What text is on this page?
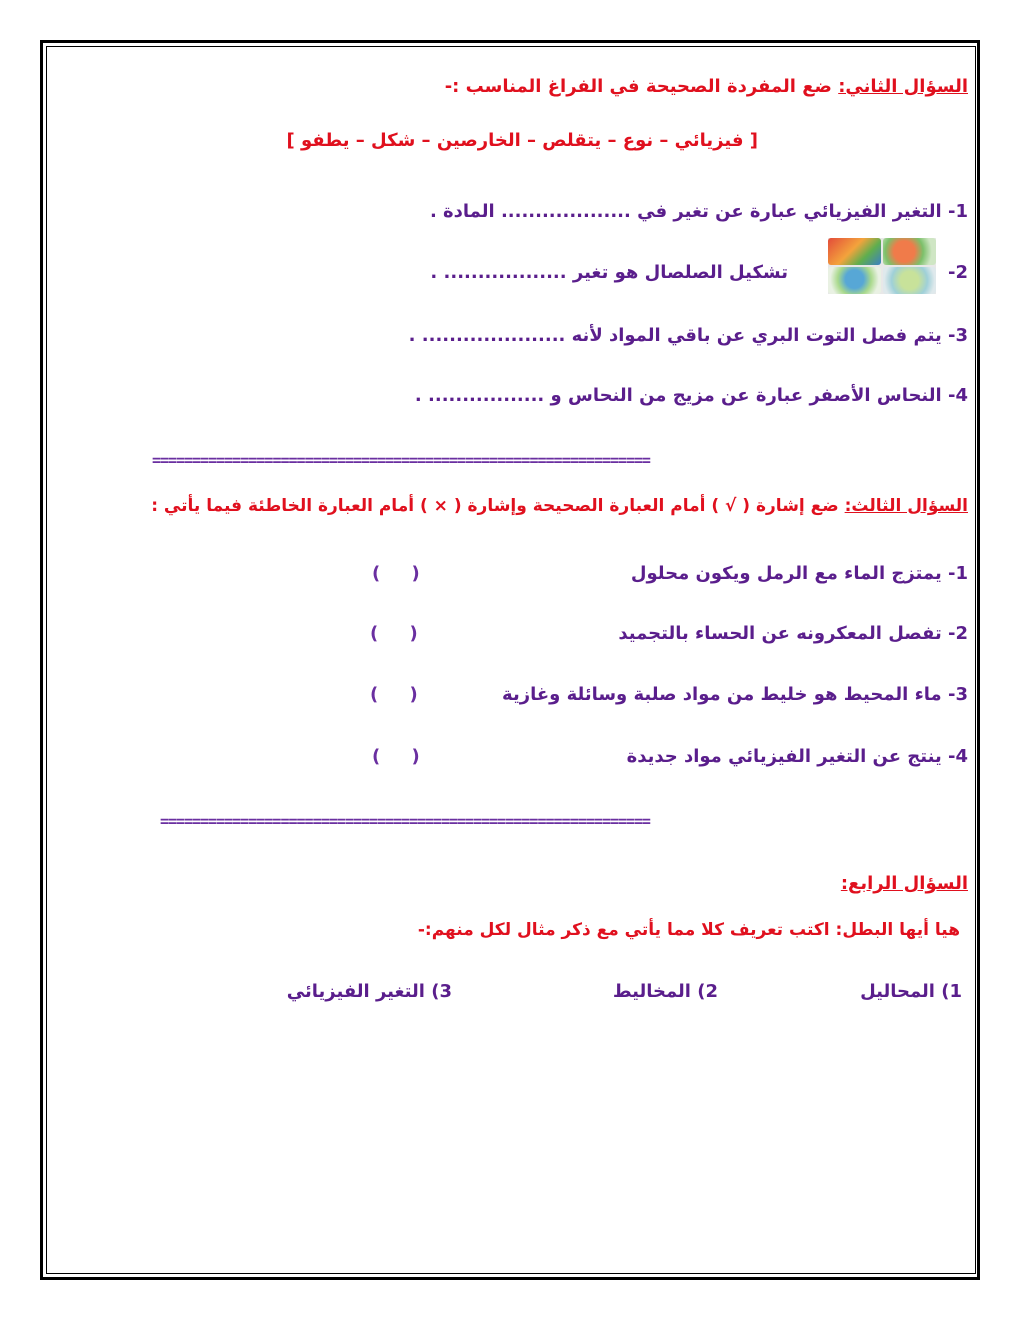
السؤال الثاني: ضع المفردة الصحيحة في الفراغ المناسب :-
[ فيزيائي – نوع – يتقلص – الخارصين – شكل – يطفو ]
1- التغير الفيزيائي عبارة عن تغير في ................... المادة .
2-
تشكيل الصلصال هو تغير .................. .
3- يتم فصل التوت البري عن باقي المواد لأنه ..................... .
4- النحاس الأصفر عبارة عن مزيج من النحاس و ................. .
==============================================================
السؤال الثالث: ضع إشارة ( √ ) أمام العبارة الصحيحة وإشارة ( × ) أمام العبارة الخاطئة فيما يأتي :
1- يمتزج الماء مع الرمل ويكون محلول
(     )
2- تفصل المعكرونه عن الحساء بالتجميد
(     )
3- ماء المحيط هو خليط من مواد صلبة وسائلة وغازية
(     )
4- ينتج عن التغير الفيزيائي مواد جديدة
(     )
=============================================================
السؤال الرابع:
هيا أيها البطل: اكتب تعريف كلا مما يأتي مع ذكر مثال لكل منهم:-
1) المحاليل
2) المخاليط
3) التغير الفيزيائي
